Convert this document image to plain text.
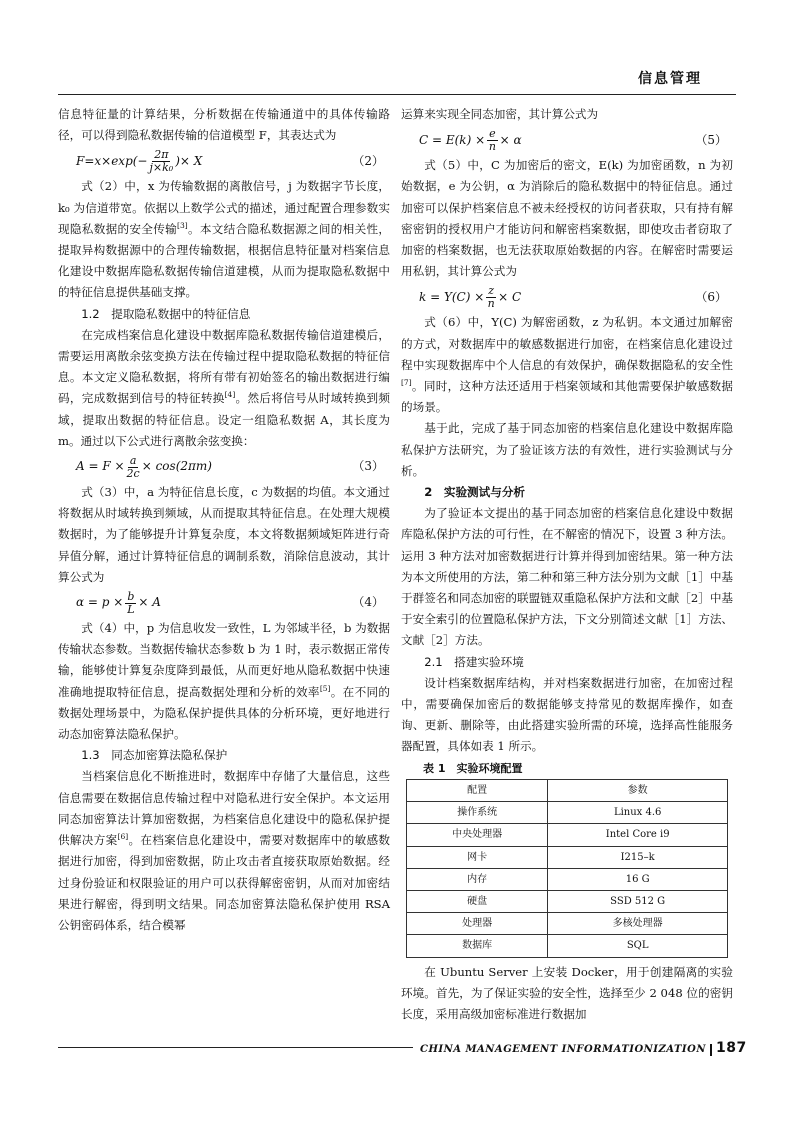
信息管理

信息特征量的计算结果，分析数据在传输通道中的具体传输路径，可以得到隐私数据传输的信道模型 F，其表达式为

$F=x\times\exp(- \frac{2\pi}{\text{j×k₀}}$ )× X	（2）

式（2）中，x 为传输数据的离散信号，j 为数据字节长度，k₀ 为信道带宽。依据以上数学公式的描述，通过配置合理参数实现隐私数据的安全传输[3]。本文结合隐私数据源之间的相关性，提取异构数据源中的合理传输数据，根据信息特征量对档案信息化建设中数据库隐私数据传输信道建模，从而为提取隐私数据中的特征信息提供基础支撑。

1.2　提取隐私数据中的特征信息

在完成档案信息化建设中数据库隐私数据传输信道建模后，需要运用离散余弦变换方法在传输过程中提取隐私数据的特征信息。本文定义隐私数据，将所有带有初始签名的输出数据进行编码，完成数据到信号的特征转换[4]。然后将信号从时域转换到频域，提取出数据的特征信息。设定一组隐私数据 A，其长度为 m。通过以下公式进行离散余弦变换：

$A = F \times \frac{a}{2c} \times \cos(2\pi m)$	（3）

式（3）中，a 为特征信息长度，c 为数据的均值。本文通过将数据从时域转换到频域，从而提取其特征信息。在处理大规模数据时，为了能够提升计算复杂度，本文将数据频域矩阵进行奇异值分解，通过计算特征信息的调制系数，消除信息波动，其计算公式为

$\alpha = p \times \frac{b}{L} \times A$	（4）

式（4）中，p 为信息收发一致性，L 为邻域半径，b 为数据传输状态参数。当数据传输状态参数 b 为 1 时，表示数据正常传输，能够使计算复杂度降到最低，从而更好地从隐私数据中快速准确地提取特征信息，提高数据处理和分析的效率[5]。在不同的数据处理场景中，为隐私保护提供具体的分析环境，更好地进行动态加密算法隐私保护。

1.3　同态加密算法隐私保护

当档案信息化不断推进时，数据库中存储了大量信息，这些信息需要在数据信息传输过程中对隐私进行安全保护。本文运用同态加密算法计算加密数据，为档案信息化建设中的隐私保护提供解决方案[6]。在档案信息化建设中，需要对数据库中的敏感数据进行加密，得到加密数据，防止攻击者直接获取原始数据。经过身份验证和权限验证的用户可以获得解密密钥，从而对加密结果进行解密，得到明文结果。同态加密算法隐私保护使用 RSA 公钥密码体系，结合模幂

运算来实现全同态加密，其计算公式为

$C = E(k) \times \frac{e}{n} \times \alpha$	（5）

式（5）中，C 为加密后的密文，E(k) 为加密函数，n 为初始数据，e 为公钥，α 为消除后的隐私数据中的特征信息。通过加密可以保护档案信息不被未经授权的访问者获取，只有持有解密密钥的授权用户才能访问和解密档案数据，即使攻击者窃取了加密的档案数据，也无法获取原始数据的内容。在解密时需要运用私钥，其计算公式为

$k = Y(C) \times \frac{z}{n} \times C$	（6）

式（6）中，Y(C) 为解密函数，z 为私钥。本文通过加解密的方式，对数据库中的敏感数据进行加密，在档案信息化建设过程中实现数据库中个人信息的有效保护，确保数据隐私的安全性[7]。同时，这种方法还适用于档案领域和其他需要保护敏感数据的场景。

基于此，完成了基于同态加密的档案信息化建设中数据库隐私保护方法研究，为了验证该方法的有效性，进行实验测试与分析。

2　实验测试与分析

为了验证本文提出的基于同态加密的档案信息化建设中数据库隐私保护方法的可行性，在不解密的情况下，设置 3 种方法。运用 3 种方法对加密数据进行计算并得到加密结果。第一种方法为本文所使用的方法，第二种和第三种方法分别为文献［1］中基于群签名和同态加密的联盟链双重隐私保护方法和文献［2］中基于安全索引的位置隐私保护方法，下文分别简述文献［1］方法、文献［2］方法。

2.1　搭建实验环境

设计档案数据库结构，并对档案数据进行加密，在加密过程中，需要确保加密后的数据能够支持常见的数据库操作，如查询、更新、删除等，由此搭建实验所需的环境，选择高性能服务器配置，具体如表 1 所示。

表 1　实验环境配置

配置	参数
操作系统	Linux 4.6
中央处理器	Intel Core i9
网卡	I215–k
内存	16 G
硬盘	SSD 512 G
处理器	多核处理器
数据库	SQL

在 Ubuntu Server 上安装 Docker，用于创建隔离的实验环境。首先，为了保证实验的安全性，选择至少 2 048 位的密钥长度，采用高级加密标准进行数据加

CHINA MANAGEMENT INFORMATIONIZATION 187
